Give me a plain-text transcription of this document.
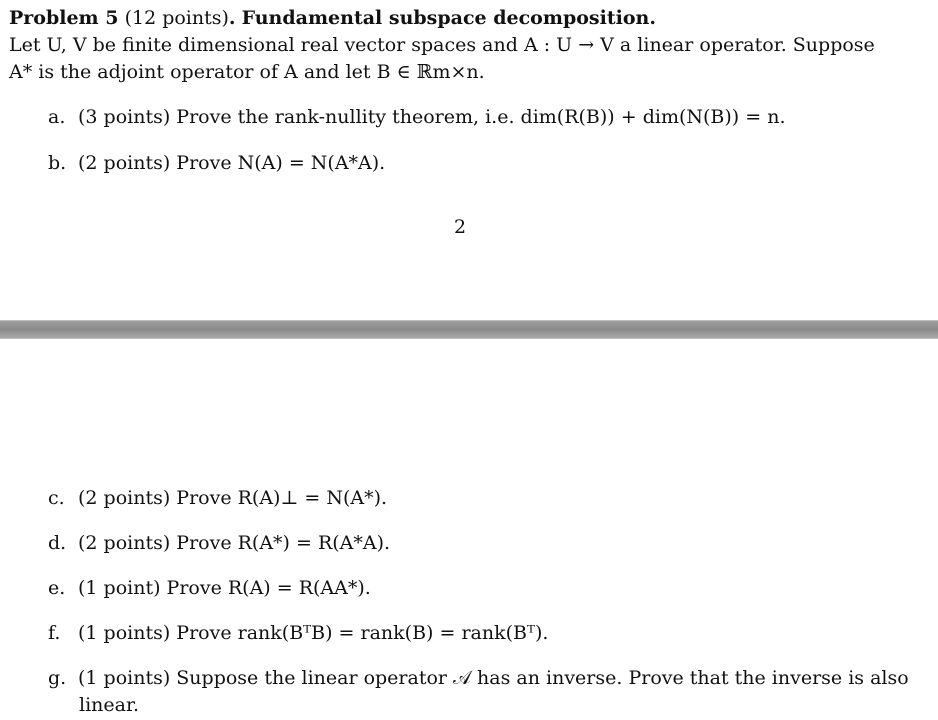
Problem 5 (12 points). Fundamental subspace decomposition.
Let U, V be finite dimensional real vector spaces and A : U → V a linear operator. Suppose
A* is the adjoint operator of A and let B ∈ ℝm×n.
a. (3 points) Prove the rank-nullity theorem, i.e. dim(R(B)) + dim(N(B)) = n.
b. (2 points) Prove N(A) = N(A*A).
2
c. (2 points) Prove R(A)⊥ = N(A*).
d. (2 points) Prove R(A*) = R(A*A).
e. (1 point) Prove R(A) = R(AA*).
f. (1 points) Prove rank(BᵀB) = rank(B) = rank(Bᵀ).
g. (1 points) Suppose the linear operator 𝒜 has an inverse. Prove that the inverse is also
linear.
